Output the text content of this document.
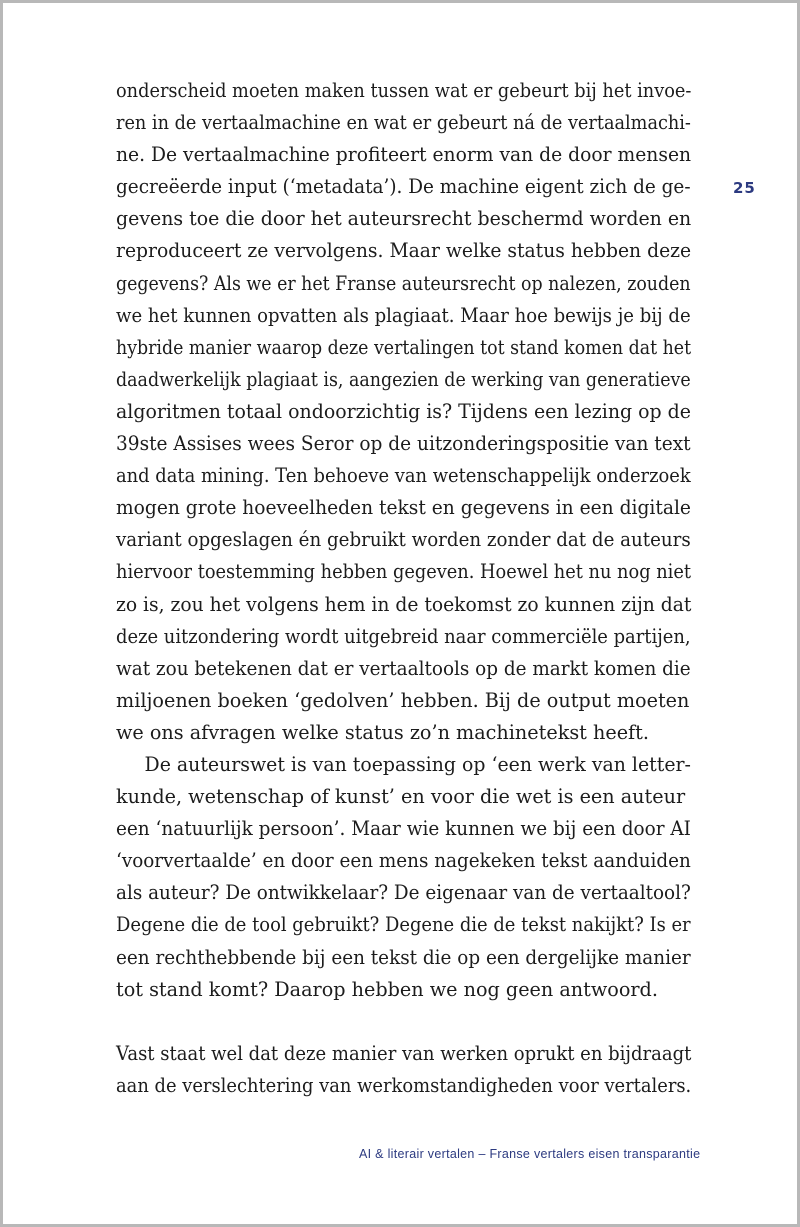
onderscheid moeten maken tussen wat er gebeurt bij het invoe-
ren in de vertaalmachine en wat er gebeurt ná de vertaalmachi-
ne. De vertaalmachine profiteert enorm van de door mensen
gecreëerde input (‘metadata’). De machine eigent zich de ge-
gevens toe die door het auteursrecht beschermd worden en
reproduceert ze vervolgens. Maar welke status hebben deze
gegevens? Als we er het Franse auteursrecht op nalezen, zouden
we het kunnen opvatten als plagiaat. Maar hoe bewijs je bij de
hybride manier waarop deze vertalingen tot stand komen dat het
daadwerkelijk plagiaat is, aangezien de werking van generatieve
algoritmen totaal ondoorzichtig is? Tijdens een lezing op de
39ste Assises wees Seror op de uitzonderingspositie van text
and data mining. Ten behoeve van wetenschappelijk onderzoek
mogen grote hoeveelheden tekst en gegevens in een digitale
variant opgeslagen én gebruikt worden zonder dat de auteurs
hiervoor toestemming hebben gegeven. Hoewel het nu nog niet
zo is, zou het volgens hem in de toekomst zo kunnen zijn dat
deze uitzondering wordt uitgebreid naar commerciële partijen,
wat zou betekenen dat er vertaaltools op de markt komen die
miljoenen boeken ‘gedolven’ hebben. Bij de output moeten
we ons afvragen welke status zo’n machinetekst heeft.
De auteurswet is van toepassing op ‘een werk van letter-
kunde, wetenschap of kunst’ en voor die wet is een auteur
een ‘natuurlijk persoon’. Maar wie kunnen we bij een door AI
‘voorvertaalde’ en door een mens nagekeken tekst aanduiden
als auteur? De ontwikkelaar? De eigenaar van de vertaaltool?
Degene die de tool gebruikt? Degene die de tekst nakijkt? Is er
een rechthebbende bij een tekst die op een dergelijke manier
tot stand komt? Daarop hebben we nog geen antwoord.
Vast staat wel dat deze manier van werken oprukt en bijdraagt
aan de verslechtering van werkomstandigheden voor vertalers.
25
AI & literair vertalen – Franse vertalers eisen transparantie
